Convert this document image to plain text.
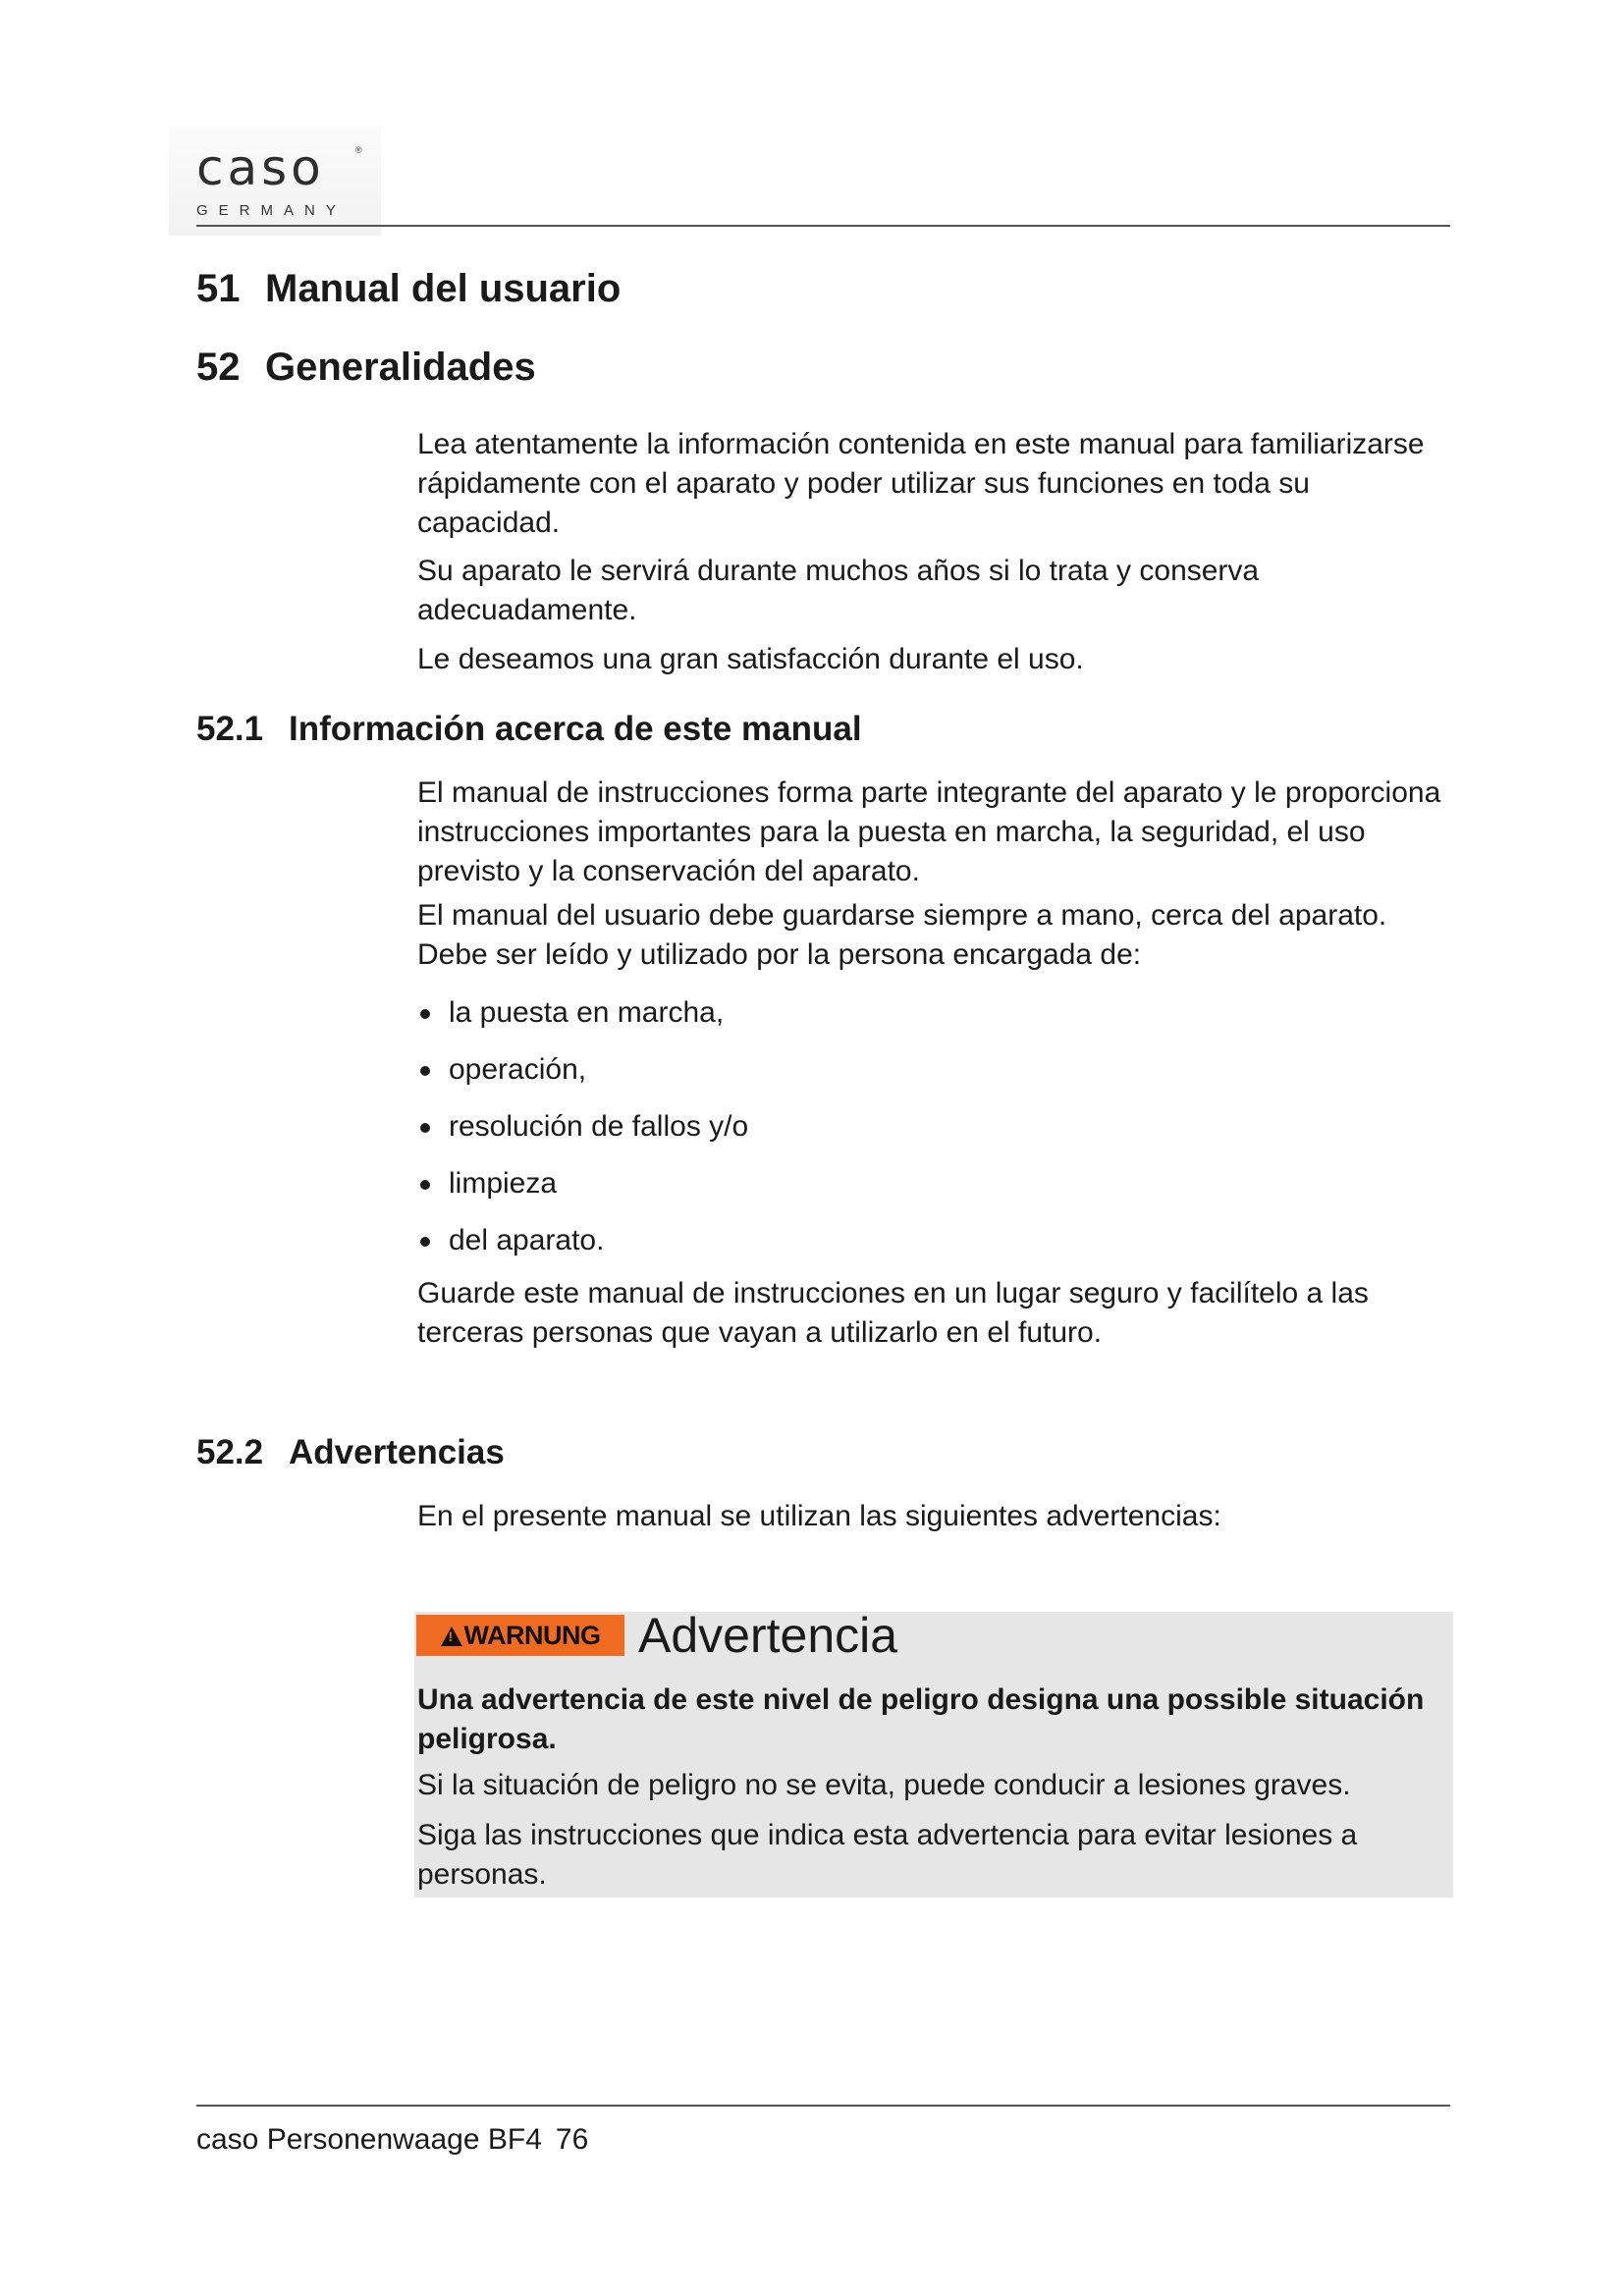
caso	®
GERMANY
51 Manual del usuario
52 Generalidades

Lea atentamente la información contenida en este manual para familiarizarse rápidamente con el aparato y poder utilizar sus funciones en toda su capacidad.

Su aparato le servirá durante muchos años si lo trata y conserva adecuadamente.

Le deseamos una gran satisfacción durante el uso.

52.1 Información acerca de este manual

El manual de instrucciones forma parte integrante del aparato y le proporciona instrucciones importantes para la puesta en marcha, la seguridad, el uso previsto y la conservación del aparato.

El manual del usuario debe guardarse siempre a mano, cerca del aparato. Debe ser leído y utilizado por la persona encargada de:

la puesta en marcha,
operación,
resolución de fallos y/o
limpieza
del aparato.

Guarde este manual de instrucciones en un lugar seguro y facilítelo a las terceras personas que vayan a utilizarlo en el futuro.

52.2 Advertencias

En el presente manual se utilizan las siguientes advertencias:

!WARNUNG Advertencia

Una advertencia de este nivel de peligro designa una possible situación peligrosa.

Si la situación de peligro no se evita, puede conducir a lesiones graves.

Siga las instrucciones que indica esta advertencia para evitar lesiones a personas.

caso Personenwaage BF4 76
